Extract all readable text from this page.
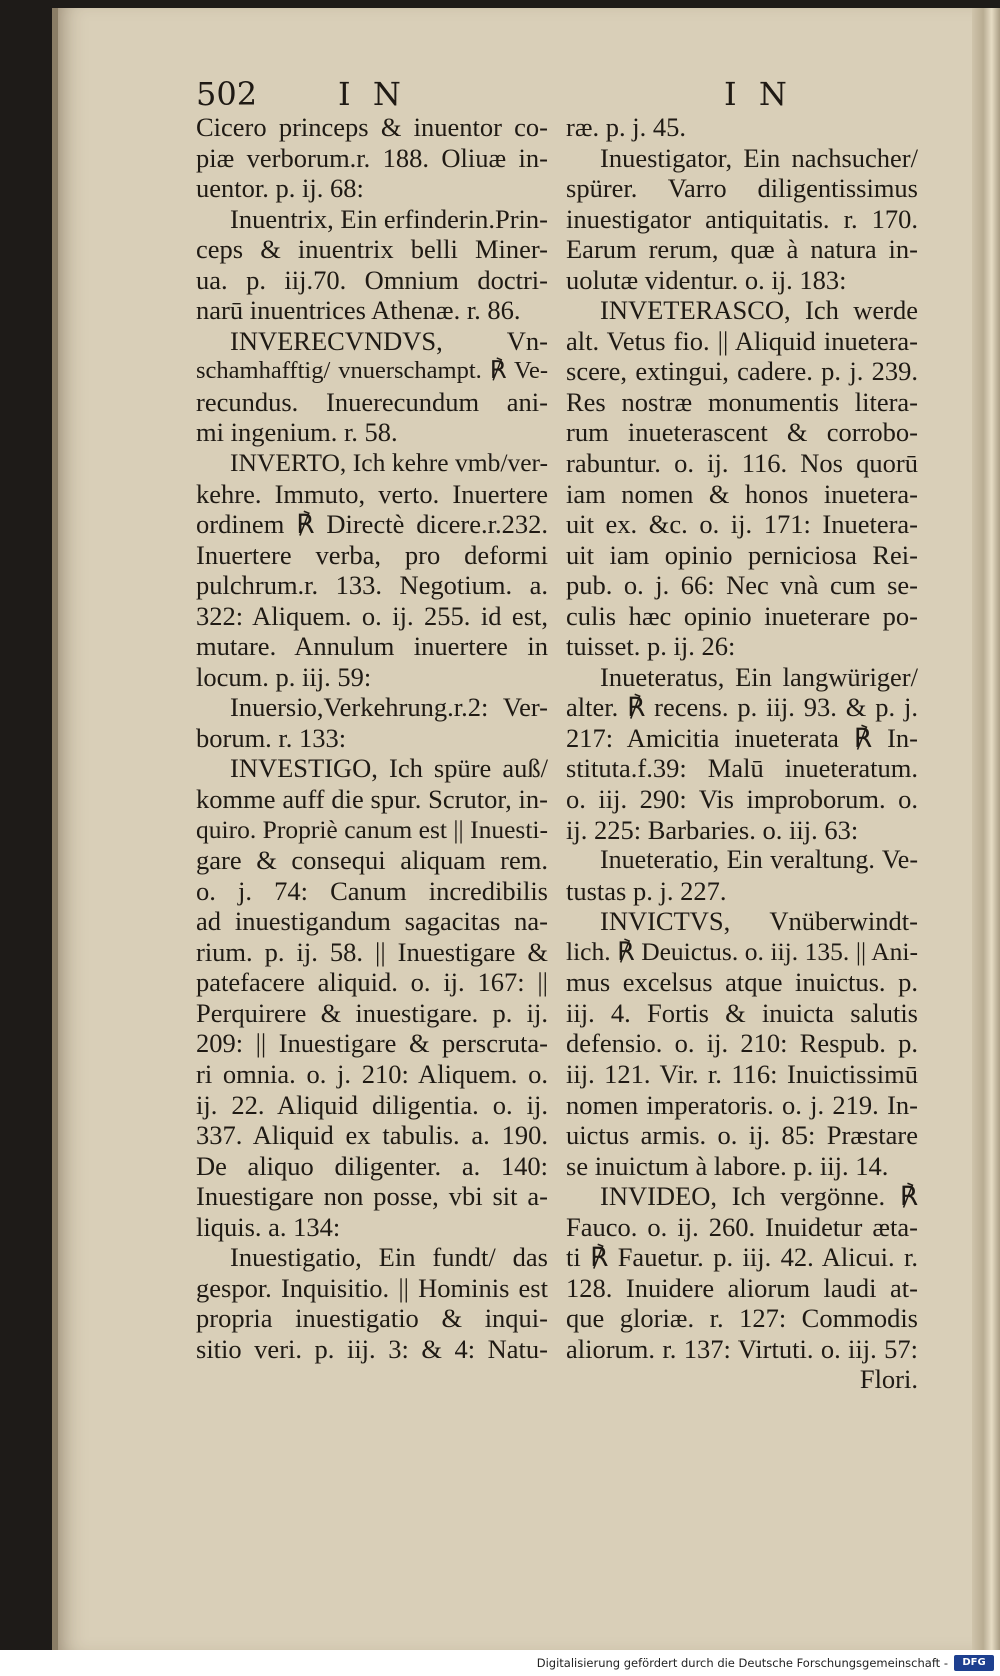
502	I N	I N
Cicero princeps & inuentor co-
piæ verborum.r. 188. Oliuæ in-
uentor. p. ij. 68:
Inuentrix, Ein erfinderin.Prin-
ceps & inuentrix belli Miner-
ua. p. iij.70. Omnium doctri-
narū inuentrices Athenæ. r. 86.
INVERECVNDVS, Vn-
schamhafftig/ vnuerschampt. ℟ Ve-
recundus. Inuerecundum ani-
mi ingenium. r. 58.
INVERTO, Ich kehre vmb/ver-
kehre. Immuto, verto. Inuertere
ordinem ℟ Directè dicere.r.232.
Inuertere verba, pro deformi
pulchrum.r. 133. Negotium. a.
322: Aliquem. o. ij. 255. id est,
mutare. Annulum inuertere in
locum. p. iij. 59:
Inuersio,Verkehrung.r.2: Ver-
borum. r. 133:
INVESTIGO, Ich spüre auß/
komme auff die spur. Scrutor, in-
quiro. Propriè canum est || Inuesti-
gare & consequi aliquam rem.
o. j. 74: Canum incredibilis
ad inuestigandum sagacitas na-
rium. p. ij. 58. || Inuestigare &
patefacere aliquid. o. ij. 167: ||
Perquirere & inuestigare. p. ij.
209: || Inuestigare & perscruta-
ri omnia. o. j. 210: Aliquem. o.
ij. 22. Aliquid diligentia. o. ij.
337. Aliquid ex tabulis. a. 190.
De aliquo diligenter. a. 140:
Inuestigare non posse, vbi sit a-
liquis. a. 134:
Inuestigatio, Ein fundt/ das
gespor. Inquisitio. || Hominis est
propria inuestigatio & inqui-
sitio veri. p. iij. 3: & 4: Natu-
ræ. p. j. 45.
Inuestigator, Ein nachsucher/
spürer. Varro diligentissimus
inuestigator antiquitatis. r. 170.
Earum rerum, quæ à natura in-
uolutæ videntur. o. ij. 183:
INVETERASCO, Ich werde
alt. Vetus fio. || Aliquid inuetera-
scere, extingui, cadere. p. j. 239.
Res nostræ monumentis litera-
rum inueterascent & corrobo-
rabuntur. o. ij. 116. Nos quorū
iam nomen & honos inuetera-
uit ex. &c. o. ij. 171: Inuetera-
uit iam opinio perniciosa Rei-
pub. o. j. 66: Nec vnà cum se-
culis hæc opinio inueterare po-
tuisset. p. ij. 26:
Inueteratus, Ein langwüriger/
alter. ℟ recens. p. iij. 93. & p. j.
217: Amicitia inueterata ℟ In-
stituta.f.39: Malū inueteratum.
o. iij. 290: Vis improborum. o.
ij. 225: Barbaries. o. iij. 63:
Inueteratio, Ein veraltung. Ve-
tustas p. j. 227.
INVICTVS, Vnüberwindt-
lich. ℟ Deuictus. o. iij. 135. || Ani-
mus excelsus atque inuictus. p.
iij. 4. Fortis & inuicta salutis
defensio. o. ij. 210: Respub. p.
iij. 121. Vir. r. 116: Inuictissimū
nomen imperatoris. o. j. 219. In-
uictus armis. o. ij. 85: Præstare
se inuictum à labore. p. iij. 14.
INVIDEO, Ich vergönne. ℟
Fauco. o. ij. 260. Inuidetur æta-
ti ℟ Fauetur. p. iij. 42. Alicui. r.
128. Inuidere aliorum laudi at-
que gloriæ. r. 127: Commodis
aliorum. r. 137: Virtuti. o. iij. 57:
Flori.
Digitalisierung gefördert durch die Deutsche Forschungsgemeinschaft -	DFG
